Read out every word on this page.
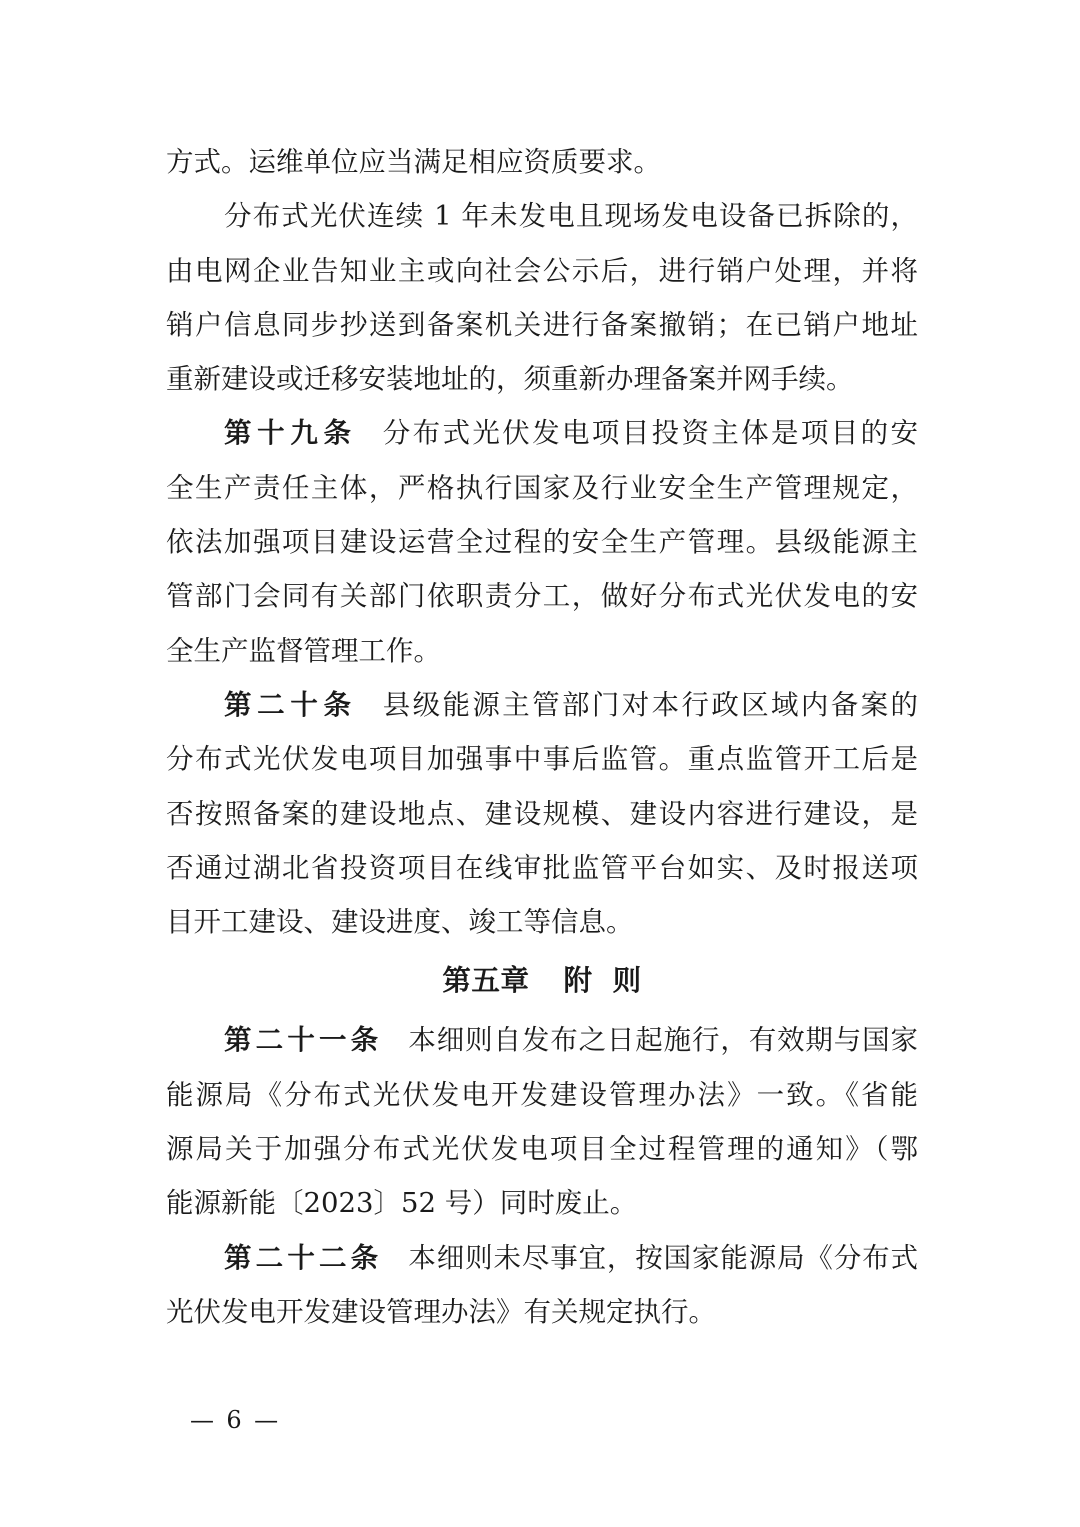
方式。运维单位应当满足相应资质要求。
分布式光伏连续 1 年未发电且现场发电设备已拆除的，
由电网企业告知业主或向社会公示后，进行销户处理，并将
销户信息同步抄送到备案机关进行备案撤销；在已销户地址
重新建设或迁移安装地址的，须重新办理备案并网手续。
第十九条 分布式光伏发电项目投资主体是项目的安
全生产责任主体，严格执行国家及行业安全生产管理规定，
依法加强项目建设运营全过程的安全生产管理。县级能源主
管部门会同有关部门依职责分工，做好分布式光伏发电的安
全生产监督管理工作。
第二十条 县级能源主管部门对本行政区域内备案的
分布式光伏发电项目加强事中事后监管。重点监管开工后是
否按照备案的建设地点、建设规模、建设内容进行建设，是
否通过湖北省投资项目在线审批监管平台如实、及时报送项
目开工建设、建设进度、竣工等信息。
第五章 附 则
第二十一条 本细则自发布之日起施行，有效期与国家
能源局《分布式光伏发电开发建设管理办法》一致。《省能
源局关于加强分布式光伏发电项目全过程管理的通知》（鄂
能源新能〔2023〕52 号）同时废止。
第二十二条 本细则未尽事宜，按国家能源局《分布式
光伏发电开发建设管理办法》有关规定执行。
— 6 —
